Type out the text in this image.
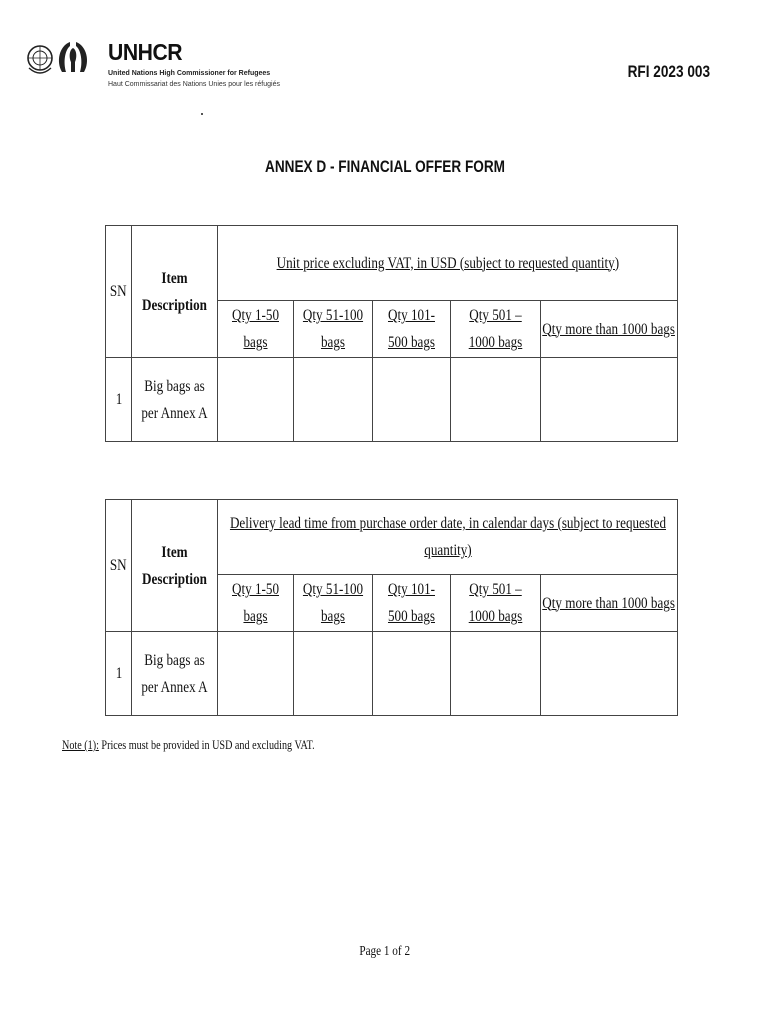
UNHCR
United Nations High Commissioner for Refugees
Haut Commissariat des Nations Unies pour les réfugiés
RFI 2023 003
ANNEX D - FINANCIAL OFFER FORM
SN	Item Description	Unit price excluding VAT, in USD (subject to requested quantity)				
		Qty 1-50 bags	Qty 51-100 bags	Qty 101-500 bags	Qty 501 – 1000 bags	Qty more than 1000 bags
1	Big bags as per Annex A					
SN	Item Description	Delivery lead time from purchase order date, in calendar days (subject to requested quantity)				
		Qty 1-50 bags	Qty 51-100 bags	Qty 101-500 bags	Qty 501 – 1000 bags	Qty more than 1000 bags
1	Big bags as per Annex A					
Note (1): Prices must be provided in USD and excluding VAT.
Page 1 of 2
